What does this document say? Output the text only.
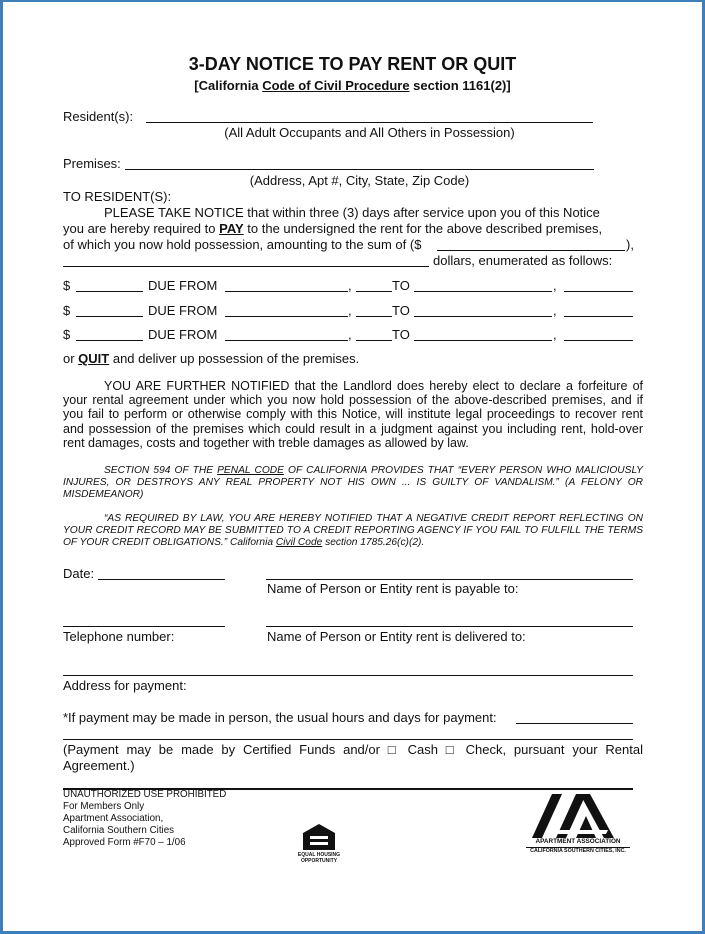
3-DAY NOTICE TO PAY RENT OR QUIT
[California Code of Civil Procedure section 1161(2)]
Resident(s):
(All Adult Occupants and All Others in Possession)
Premises:
(Address, Apt #, City, State, Zip Code)
TO RESIDENT(S):
PLEASE TAKE NOTICE that within three (3) days after service upon you of this Notice
you are hereby required to PAY to the undersigned the rent for the above described premises,
of which you now hold possession, amounting to the sum of ($	),
dollars, enumerated as follows:
$	DUE FROM	,	TO	,
$	DUE FROM	,	TO	,
$	DUE FROM	,	TO	,
or QUIT and deliver up possession of the premises.
YOU ARE FURTHER NOTIFIED that the Landlord does hereby elect to declare a forfeiture of your rental agreement under which you now hold possession of the above-described premises, and if you fail to perform or otherwise comply with this Notice, will institute legal proceedings to recover rent and possession of the premises which could result in a judgment against you including rent, hold-over rent damages, costs and together with treble damages as allowed by law.
SECTION 594 OF THE PENAL CODE OF CALIFORNIA PROVIDES THAT “EVERY PERSON WHO MALICIOUSLY INJURES, OR DESTROYS ANY REAL PROPERTY NOT HIS OWN ... IS GUILTY OF VANDALISM.” (A FELONY OR MISDEMEANOR)
“AS REQUIRED BY LAW, YOU ARE HEREBY NOTIFIED THAT A NEGATIVE CREDIT REPORT REFLECTING ON YOUR CREDIT RECORD MAY BE SUBMITTED TO A CREDIT REPORTING AGENCY IF YOU FAIL TO FULFILL THE TERMS OF YOUR CREDIT OBLIGATIONS.” California Civil Code section 1785.26(c)(2).
Date:
Name of Person or Entity rent is payable to:
Telephone number:	Name of Person or Entity rent is delivered to:
Address for payment:
*If payment may be made in person, the usual hours and days for payment:
(Payment may be made by Certified Funds and/or □ Cash □ Check, pursuant your Rental
Agreement.)
UNAUTHORIZED USE PROHIBITED
For Members Only
Apartment Association,
California Southern Cities
Approved Form #F70 – 1/06
EQUAL HOUSING
OPPORTUNITY
APARTMENT ASSOCIATION
CALIFORNIA SOUTHERN CITIES, INC.
